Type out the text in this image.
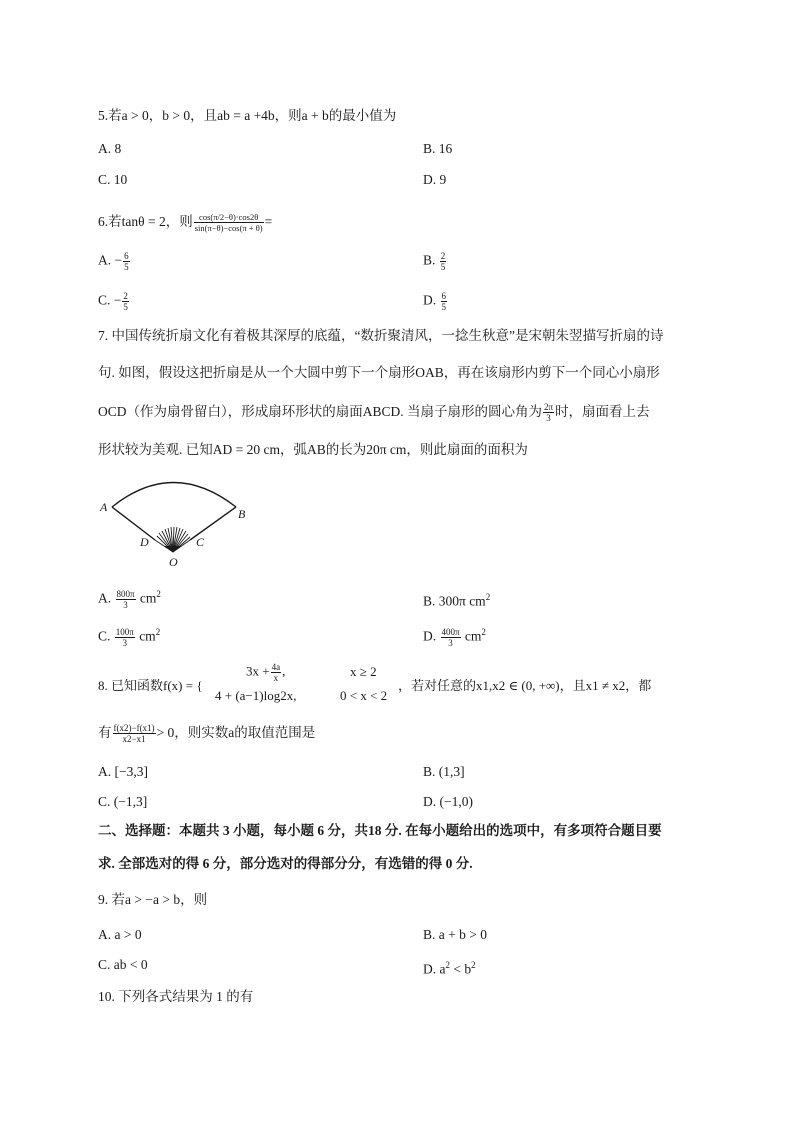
5.若a > 0，b > 0，且ab = a +4b，则a + b的最小值为
A. 8	B. 16
C. 10	D. 9
6.若tanθ = 2，则 $\frac{\cos(\pi/2-\theta)\cdot\cos 2\theta}{\sin(\pi-\theta)-\cos(\pi + \theta)}$ =
A. − $\frac{6}{5}$	B. $\frac{2}{5}$
C. − $\frac{2}{5}$	D. $\frac{6}{5}$
7. 中国传统折扇文化有着极其深厚的底蕴，“数折聚清风，一捻生秋意”是宋朝朱翌描写折扇的诗
句. 如图，假设这把折扇是从一个大圆中剪下一个扇形OAB，再在该扇形内剪下一个同心小扇形
OCD（作为扇骨留白），形成扇环形状的扇面ABCD. 当扇子扇形的圆心角为 $\frac{2\pi}{3}$ 时，扇面看上去
形状较为美观. 已知AD = 20 cm，弧AB的长为20π cm，则此扇面的面积为
A	B
C
D
O
A. $\frac{800\pi}{3} cm^2$	B. 300π $cm^2$
C. $\frac{100\pi}{3} cm^2$	D. $\frac{400\pi}{3} cm^2$
8. 已知函数f(x) = {
$3x + \frac{4a}{x}$ ,	x ≥ 2
4 + (a−1)log2x,	0 < x < 2
，若对任意的x1,x2 ∈ (0, +∞)，且x1 ≠ x2，都
有 $\frac{f(x2)-f(x1)}{x2-x1} > 0$，则实数a的取值范围是
A. [−3,3]	B. (1,3]
C. (−1,3]	D. (−1,0)
二、选择题：本题共 3 小题，每小题 6 分，共18 分. 在每小题给出的选项中，有多项符合题目要
求. 全部选对的得 6 分，部分选对的得部分分，有选错的得 0 分.
9. 若a > −a > b，则
A. a > 0	B. a + b > 0
C. ab < 0	D. $a^2 < b^2$
10. 下列各式结果为 1 的有
